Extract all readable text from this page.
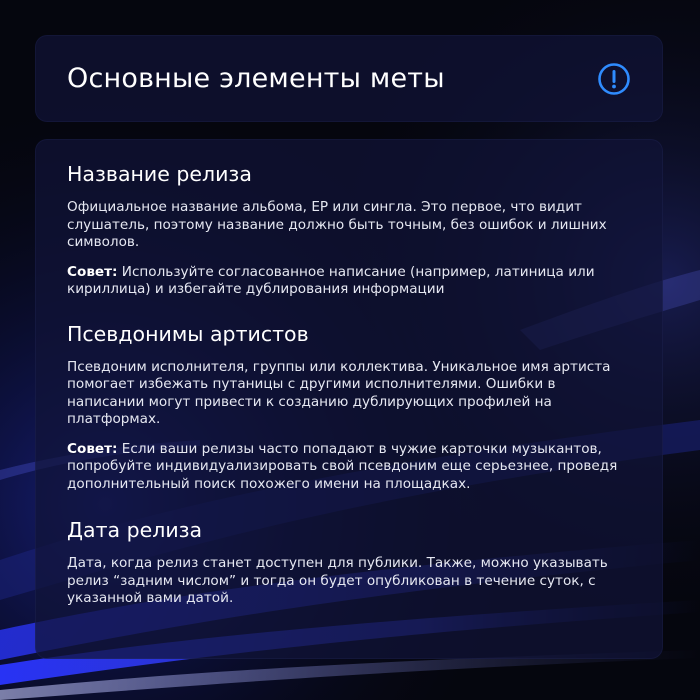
Основные элементы меты
Название релиза

Официальное название альбома, EP или сингла. Это первое, что видит слушатель, поэтому название должно быть точным, без ошибок и лишних символов.

Совет: Используйте согласованное написание (например, латиница или кириллица) и избегайте дублирования информации

Псевдонимы артистов

Псевдоним исполнителя, группы или коллектива. Уникальное имя артиста помогает избежать путаницы с другими исполнителями. Ошибки в написании могут привести к созданию дублирующих профилей на платформах.

Совет: Если ваши релизы часто попадают в чужие карточки музыкантов, попробуйте индивидуализировать свой псевдоним еще серьезнее, проведя дополнительный поиск похожего имени на площадках.

Дата релиза

Дата, когда релиз станет доступен для публики. Также, можно указывать релиз “задним числом” и тогда он будет опубликован в течение суток, с указанной вами датой.
